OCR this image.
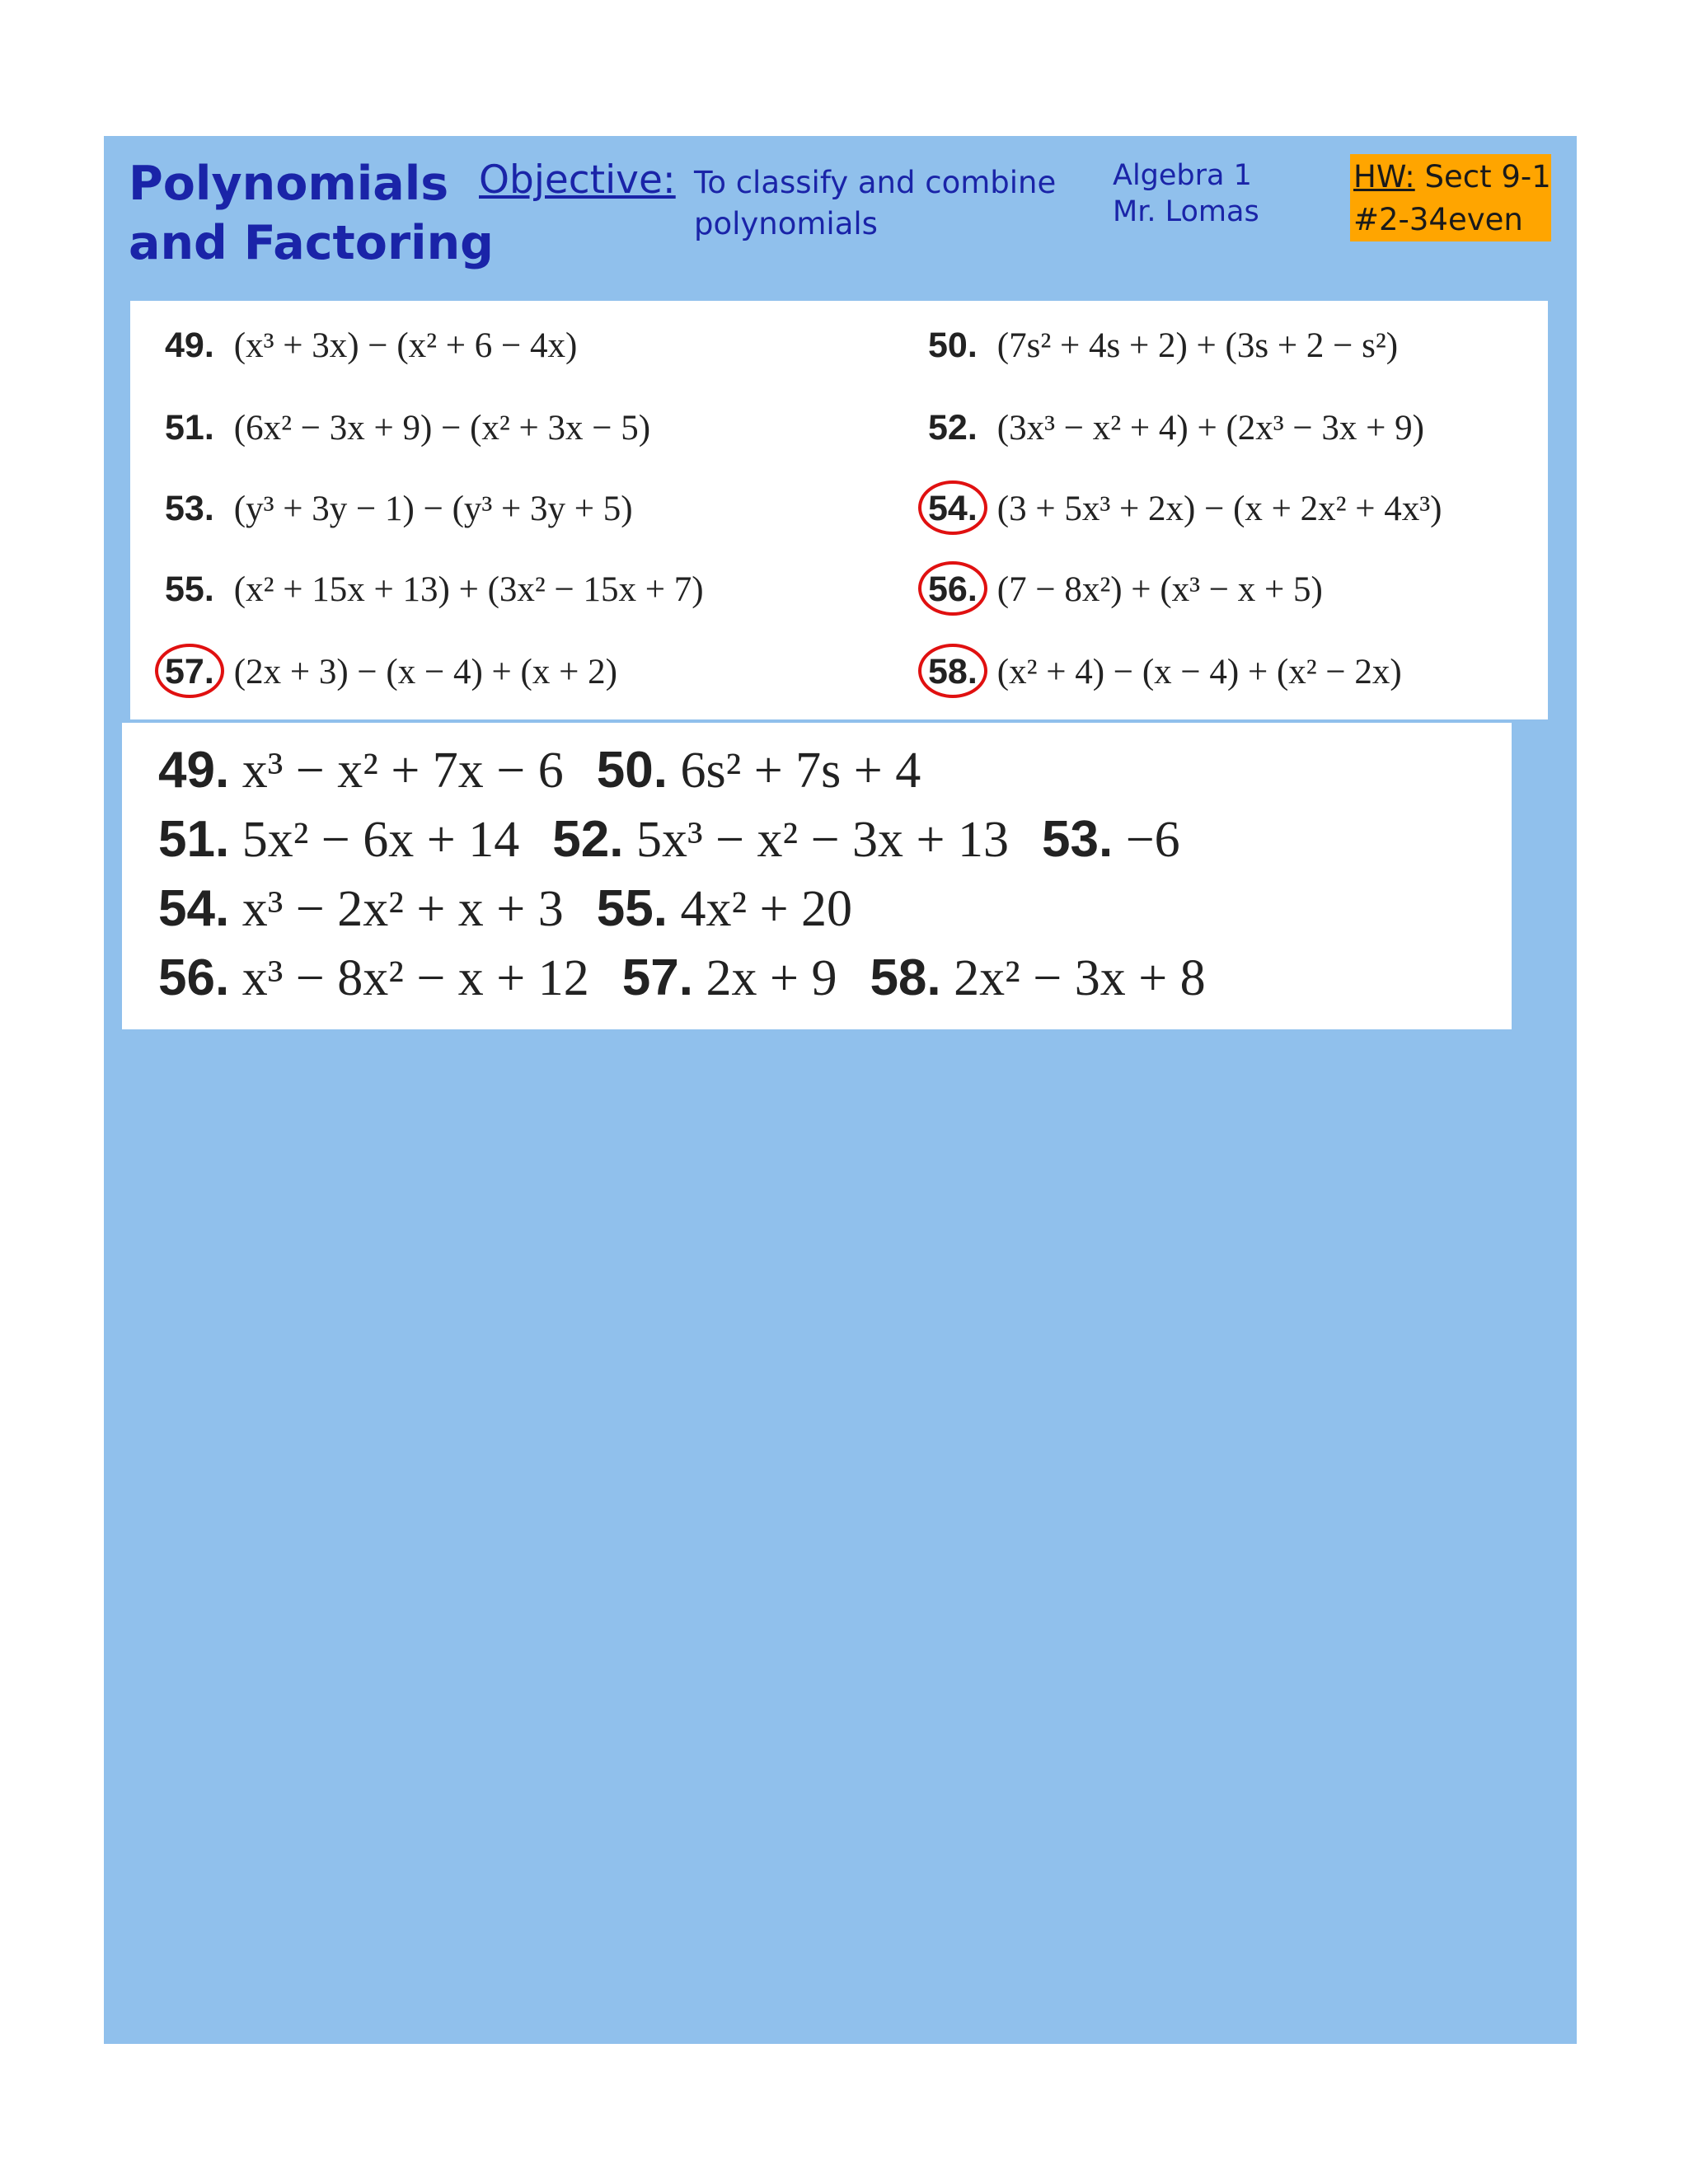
Polynomials
and Factoring
Objective: To classify and combine
polynomials
Algebra 1
Mr. Lomas
HW: Sect 9-1
#2-34even
49. (x³ + 3x) − (x² + 6 − 4x)	50. (7s² + 4s + 2) + (3s + 2 − s²)
51. (6x² − 3x + 9) − (x² + 3x − 5)	52. (3x³ − x² + 4) + (2x³ − 3x + 9)
53. (y³ + 3y − 1) − (y³ + 3y + 5)	54. (3 + 5x³ + 2x) − (x + 2x² + 4x³)
55. (x² + 15x + 13) + (3x² − 15x + 7)	56. (7 − 8x²) + (x³ − x + 5)
57. (2x + 3) − (x − 4) + (x + 2)	58. (x² + 4) − (x − 4) + (x² − 2x)
49. x³ − x² + 7x − 6 50. 6s² + 7s + 4
51. 5x² − 6x + 14 52. 5x³ − x² − 3x + 13 53. −6
54. x³ − 2x² + x + 3 55. 4x² + 20
56. x³ − 8x² − x + 12 57. 2x + 9 58. 2x² − 3x + 8
